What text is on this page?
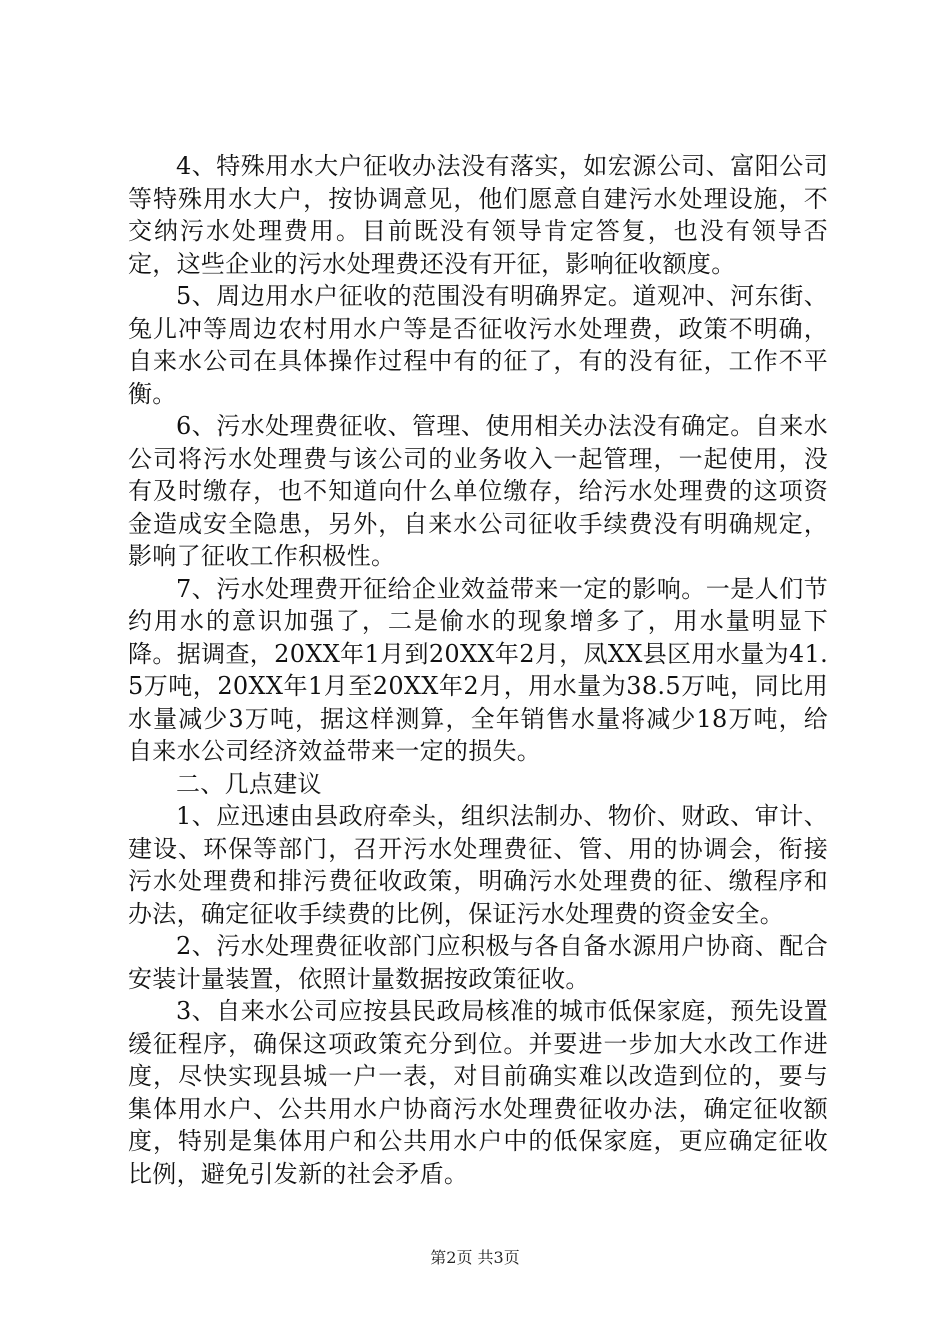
4、特殊用水大户征收办法没有落实，如宏源公司、富阳公司等特殊用水大户，按协调意见，他们愿意自建污水处理设施，不交纳污水处理费用。目前既没有领导肯定答复，也没有领导否定，这些企业的污水处理费还没有开征，影响征收额度。

5、周边用水户征收的范围没有明确界定。道观冲、河东街、兔儿冲等周边农村用水户等是否征收污水处理费，政策不明确，自来水公司在具体操作过程中有的征了，有的没有征，工作不平衡。

6、污水处理费征收、管理、使用相关办法没有确定。自来水公司将污水处理费与该公司的业务收入一起管理，一起使用，没有及时缴存，也不知道向什么单位缴存，给污水处理费的这项资金造成安全隐患，另外，自来水公司征收手续费没有明确规定，影响了征收工作积极性。

7、污水处理费开征给企业效益带来一定的影响。一是人们节约用水的意识加强了，二是偷水的现象增多了，用水量明显下降。据调查，20XX年1月到20XX年2月，凤XX县区用水量为41.5万吨，20XX年1月至20XX年2月，用水量为38.5万吨，同比用水量减少3万吨，据这样测算，全年销售水量将减少18万吨，给自来水公司经济效益带来一定的损失。

二、几点建议

1、应迅速由县政府牵头，组织法制办、物价、财政、审计、建设、环保等部门，召开污水处理费征、管、用的协调会，衔接污水处理费和排污费征收政策，明确污水处理费的征、缴程序和办法，确定征收手续费的比例，保证污水处理费的资金安全。

2、污水处理费征收部门应积极与各自备水源用户协商、配合安装计量装置，依照计量数据按政策征收。

3、自来水公司应按县民政局核准的城市低保家庭，预先设置缓征程序，确保这项政策充分到位。并要进一步加大水改工作进度，尽快实现县城一户一表，对目前确实难以改造到位的，要与集体用水户、公共用水户协商污水处理费征收办法，确定征收额度，特别是集体用户和公共用水户中的低保家庭，更应确定征收比例，避免引发新的社会矛盾。

第2页 共3页
